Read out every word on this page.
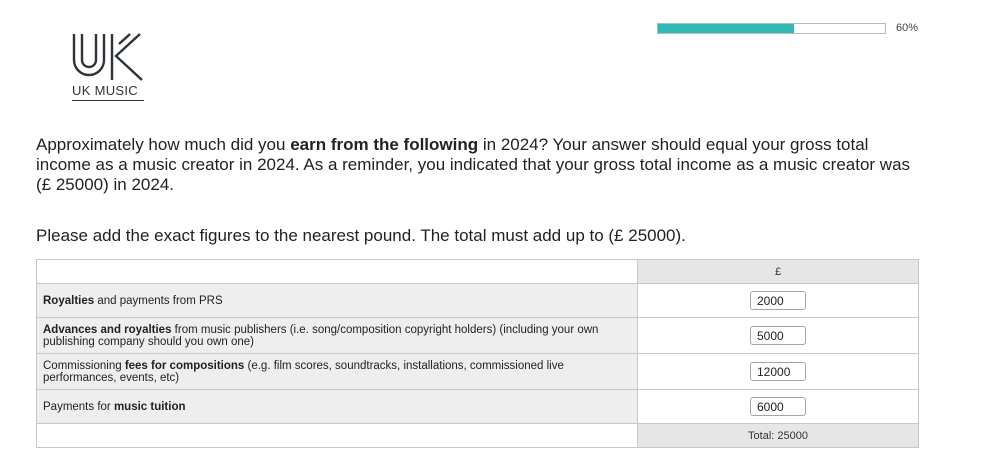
UK MUSIC
60%
Approximately how much did you earn from the following in 2024? Your answer should equal your gross total income as a music creator in 2024. As a reminder, you indicated that your gross total income as a music creator was (£ 25000) in 2024.
Please add the exact figures to the nearest pound. The total must add up to (£ 25000).
	£
Royalties and payments from PRS	2000
Advances and royalties from music publishers (i.e. song/composition copyright holders) (including your own publishing company should you own one)	5000
Commissioning fees for compositions (e.g. film scores, soundtracks, installations, commissioned live performances, events, etc)	12000
Payments for music tuition	6000
	Total: 25000
